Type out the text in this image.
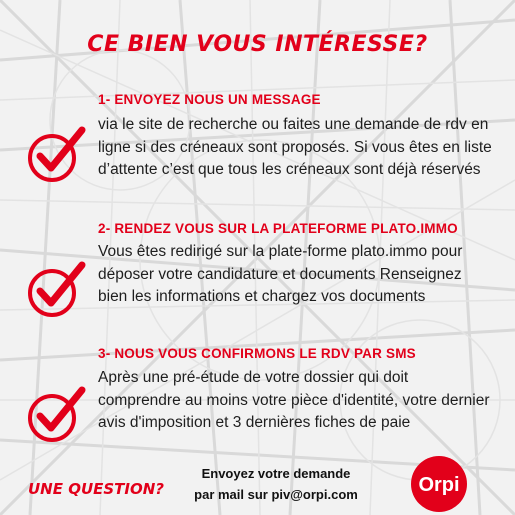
CE BIEN VOUS INTÉRESSE?
1- ENVOYEZ NOUS UN MESSAGE
via le site de recherche ou faites une demande de rdv en ligne si des créneaux sont proposés. Si vous êtes en liste d’attente c’est que tous les créneaux sont déjà réservés
2- RENDEZ VOUS SUR LA PLATEFORME PLATO.IMMO
Vous êtes redirigé sur la plate-forme plato.immo pour déposer votre candidature et documents Renseignez bien les informations et chargez vos documents
3- NOUS VOUS CONFIRMONS LE RDV PAR SMS
Après une pré-étude de votre dossier qui doit comprendre au moins votre pièce d'identité, votre dernier avis d'imposition et 3 dernières fiches de paie
UNE QUESTION?
Envoyez votre demande
par mail sur piv@orpi.com	Orpi
